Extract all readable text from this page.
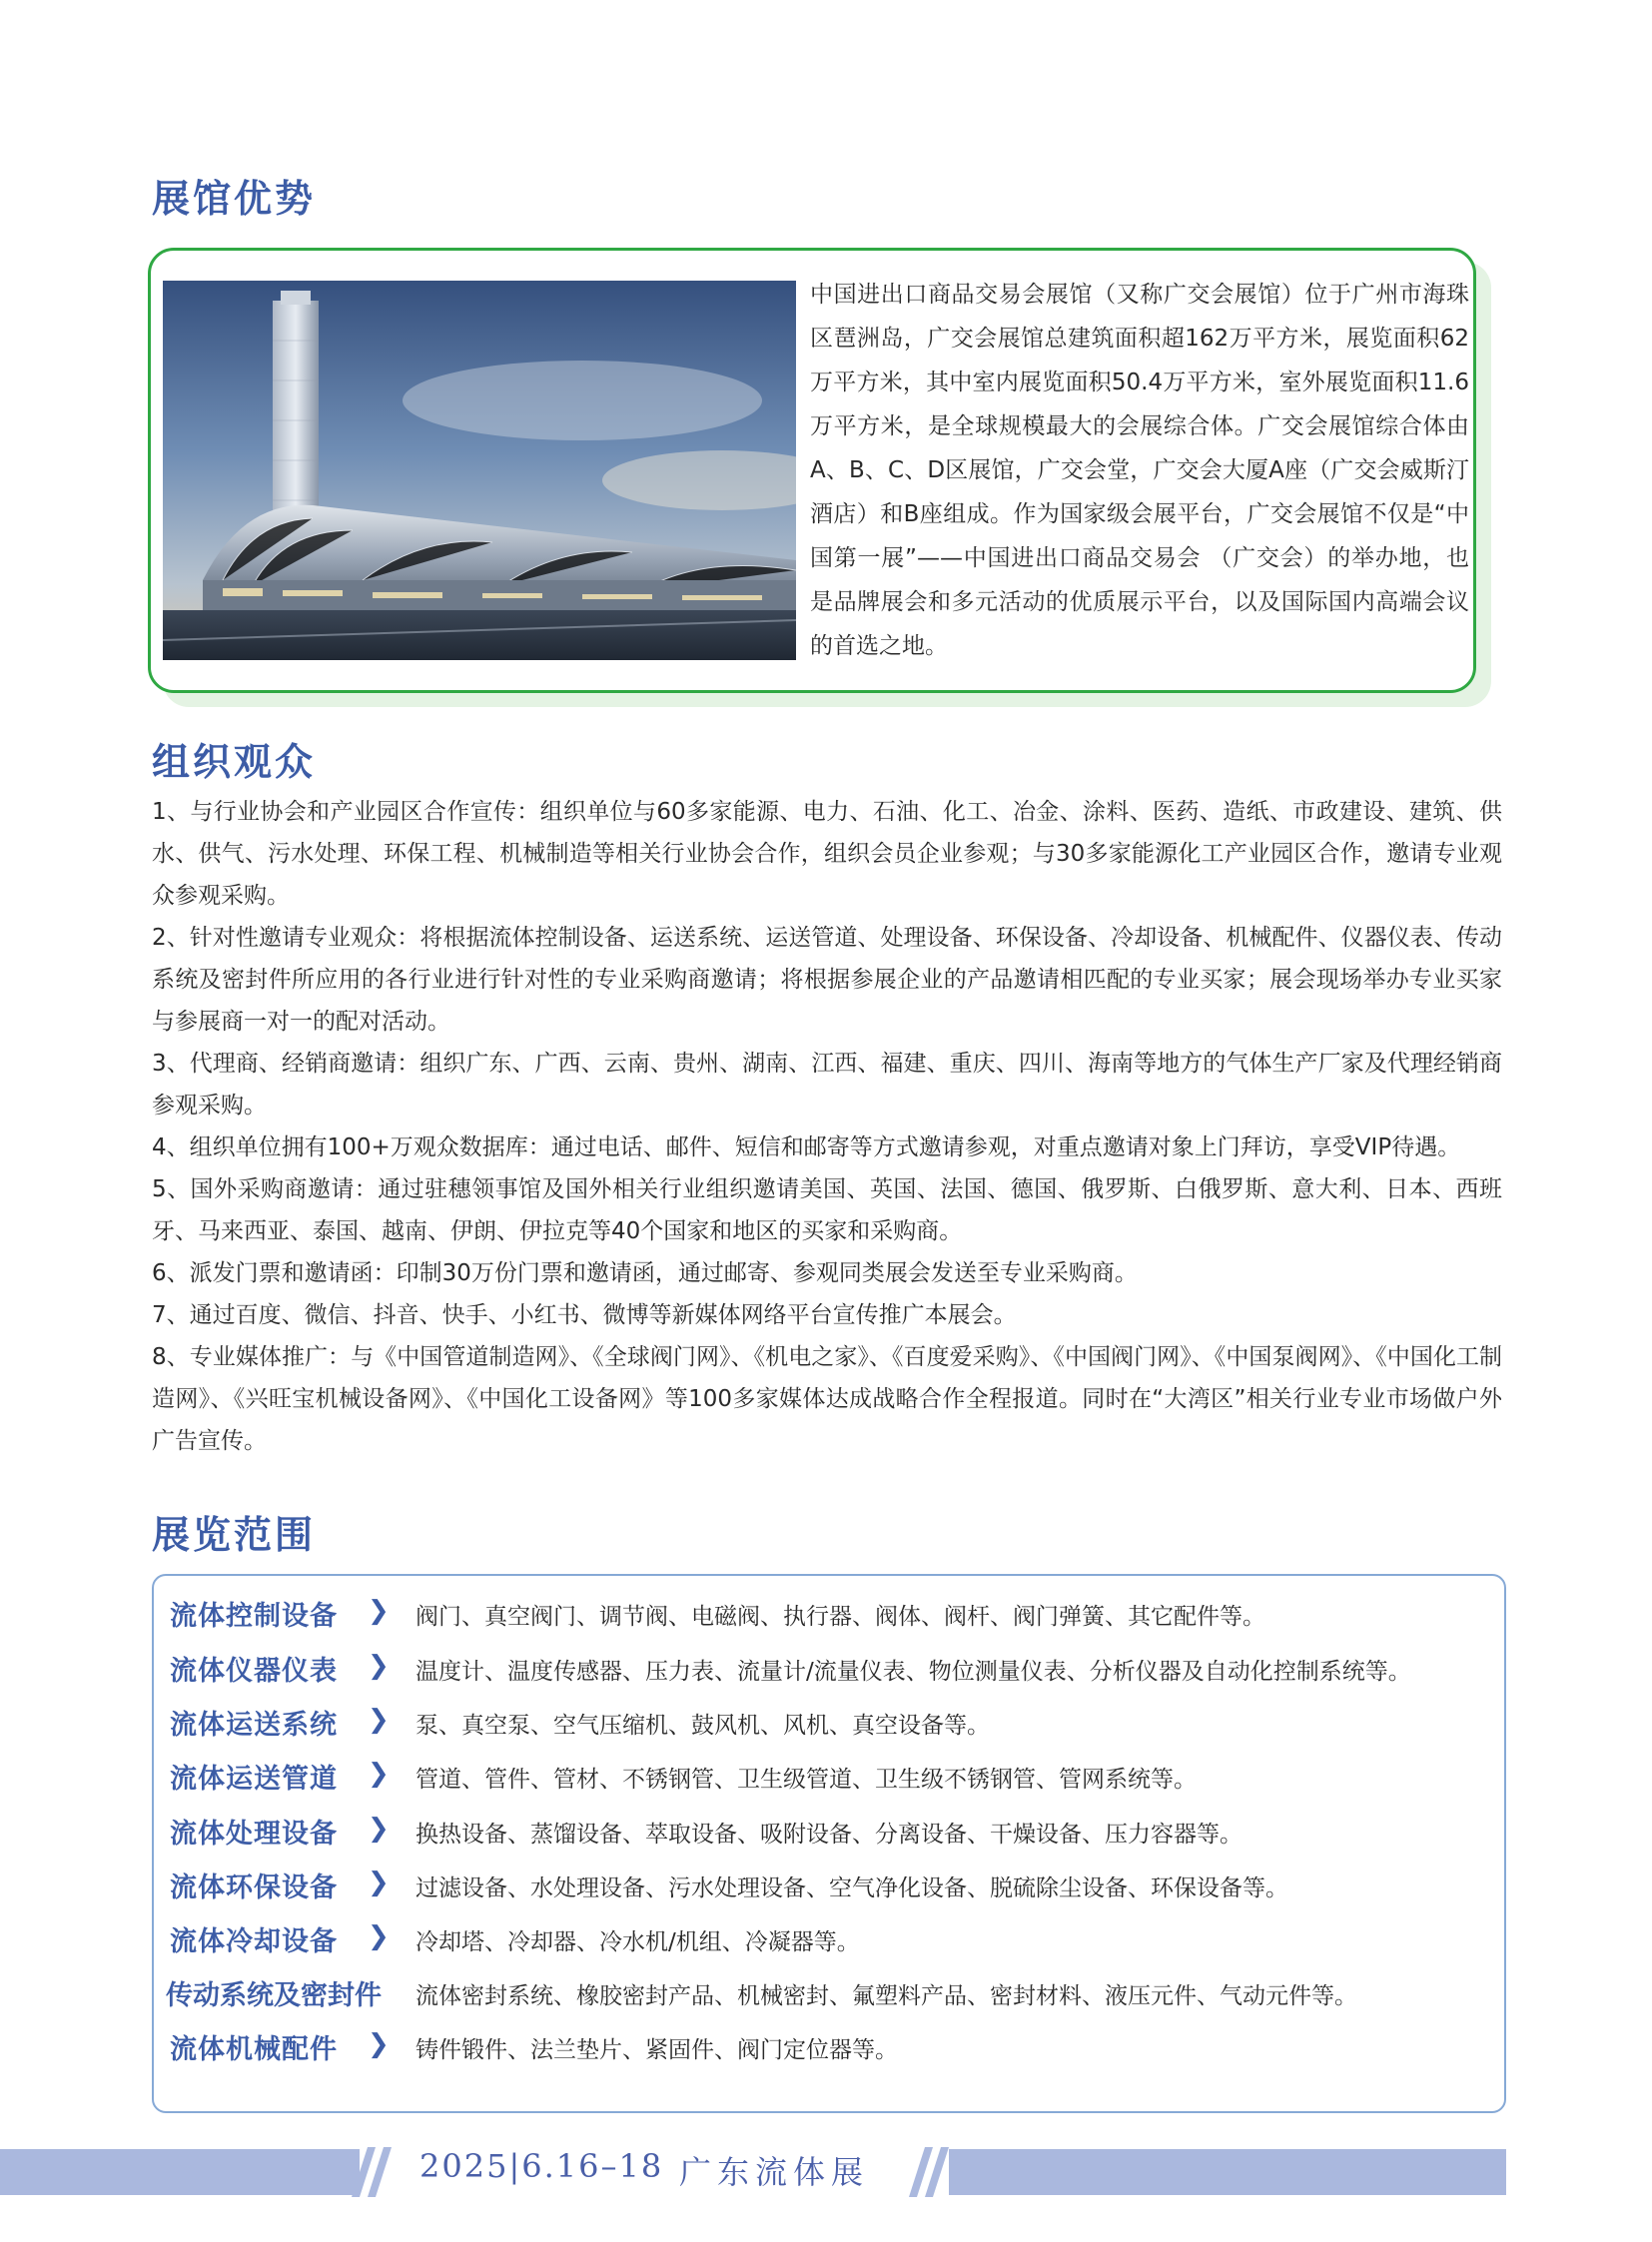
展馆优势

中国进出口商品交易会展馆（又称广交会展馆）位于广州市海珠区琶洲岛，广交会展馆总建筑面积超162万平方米，展览面积62万平方米，其中室内展览面积50.4万平方米，室外展览面积11.6万平方米，是全球规模最大的会展综合体。广交会展馆综合体由A、B、C、D区展馆，广交会堂，广交会大厦A座（广交会威斯汀酒店）和B座组成。作为国家级会展平台，广交会展馆不仅是“中国第一展”——中国进出口商品交易会 （广交会）的举办地，也是品牌展会和多元活动的优质展示平台，以及国际国内高端会议的首选之地。

组织观众
1、与行业协会和产业园区合作宣传：组织单位与60多家能源、电力、石油、化工、冶金、涂料、医药、造纸、市政建设、建筑、供水、供气、污水处理、环保工程、机械制造等相关行业协会合作，组织会员企业参观；与30多家能源化工产业园区合作，邀请专业观众参观采购。
2、针对性邀请专业观众：将根据流体控制设备、运送系统、运送管道、处理设备、环保设备、冷却设备、机械配件、仪器仪表、传动系统及密封件所应用的各行业进行针对性的专业采购商邀请；将根据参展企业的产品邀请相匹配的专业买家；展会现场举办专业买家与参展商一对一的配对活动。
3、代理商、经销商邀请：组织广东、广西、云南、贵州、湖南、江西、福建、重庆、四川、海南等地方的气体生产厂家及代理经销商参观采购。
4、组织单位拥有100+万观众数据库：通过电话、邮件、短信和邮寄等方式邀请参观，对重点邀请对象上门拜访，享受VIP待遇。
5、国外采购商邀请：通过驻穗领事馆及国外相关行业组织邀请美国、英国、法国、德国、俄罗斯、白俄罗斯、意大利、日本、西班牙、马来西亚、泰国、越南、伊朗、伊拉克等40个国家和地区的买家和采购商。
6、派发门票和邀请函：印制30万份门票和邀请函，通过邮寄、参观同类展会发送至专业采购商。
7、通过百度、微信、抖音、快手、小红书、微博等新媒体网络平台宣传推广本展会。
8、专业媒体推广：与《中国管道制造网》、《全球阀门网》、《机电之家》、《百度爱采购》、《中国阀门网》、《中国泵阀网》、《中国化工制造网》、《兴旺宝机械设备网》、《中国化工设备网》等100多家媒体达成战略合作全程报道。同时在“大湾区”相关行业专业市场做户外广告宣传。
展览范围
流体控制设备 ❯ 阀门、真空阀门、调节阀、电磁阀、执行器、阀体、阀杆、阀门弹簧、其它配件等。
流体仪器仪表 ❯ 温度计、温度传感器、压力表、流量计/流量仪表、物位测量仪表、分析仪器及自动化控制系统等。
流体运送系统 ❯ 泵、真空泵、空气压缩机、鼓风机、风机、真空设备等。
流体运送管道 ❯ 管道、管件、管材、不锈钢管、卫生级管道、卫生级不锈钢管、管网系统等。
流体处理设备 ❯ 换热设备、蒸馏设备、萃取设备、吸附设备、分离设备、干燥设备、压力容器等。
流体环保设备 ❯ 过滤设备、水处理设备、污水处理设备、空气净化设备、脱硫除尘设备、环保设备等。
流体冷却设备 ❯ 冷却塔、冷却器、冷水机/机组、冷凝器等。
传动系统及密封件 流体密封系统、橡胶密封产品、机械密封、氟塑料产品、密封材料、液压元件、气动元件等。
流体机械配件 ❯ 铸件锻件、法兰垫片、紧固件、阀门定位器等。
2025|6.16–18 广东流体展
